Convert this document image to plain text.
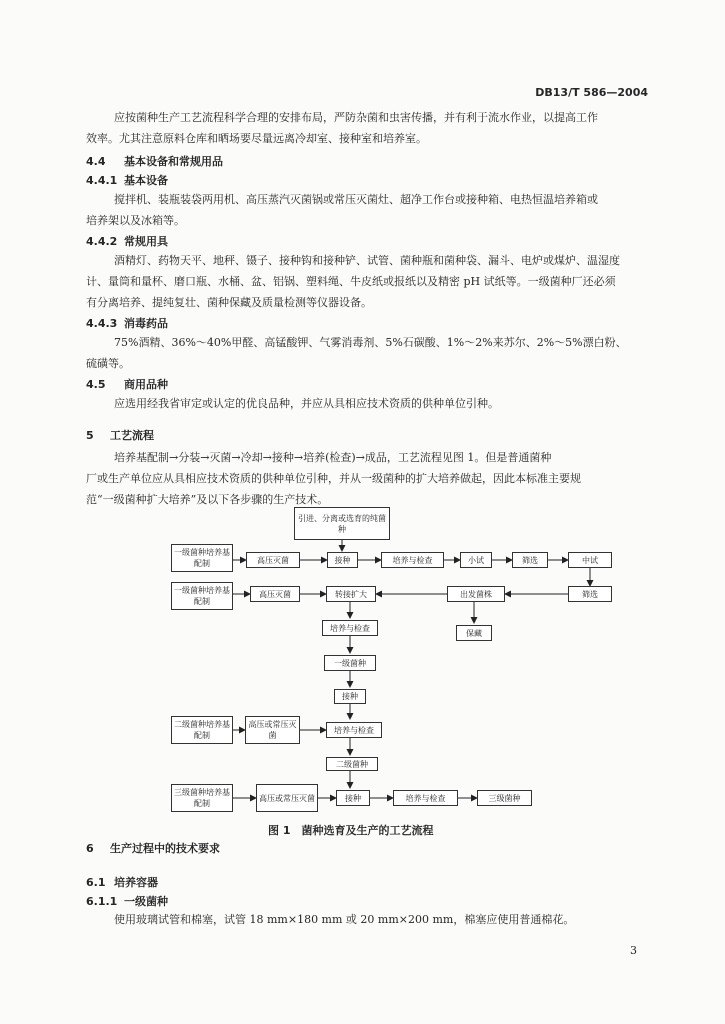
DB13/T 586—2004
应按菌种生产工艺流程科学合理的安排布局，严防杂菌和虫害传播，并有利于流水作业，以提高工作
效率。尤其注意原料仓库和晒场要尽量远离冷却室、接种室和培养室。
4.4 基本设备和常规用品
4.4.1 基本设备
搅拌机、装瓶装袋两用机、高压蒸汽灭菌锅或常压灭菌灶、超净工作台或接种箱、电热恒温培养箱或
培养架以及冰箱等。
4.4.2 常规用具
酒精灯、药物天平、地秤、镊子、接种钩和接种铲、试管、菌种瓶和菌种袋、漏斗、电炉或煤炉、温湿度
计、量筒和量杯、磨口瓶、水桶、盆、铝锅、塑料绳、牛皮纸或报纸以及精密 pH 试纸等。一级菌种厂还必须
有分离培养、提纯复壮、菌种保藏及质量检测等仪器设备。
4.4.3 消毒药品
75%酒精、36%～40%甲醛、高锰酸钾、气雾消毒剂、5%石碳酸、1%～2%来苏尔、2%～5%漂白粉、
硫磺等。
4.5 商用品种
应选用经我省审定或认定的优良品种，并应从具相应技术资质的供种单位引种。
5 工艺流程
培养基配制→分装→灭菌→冷却→接种→培养(检查)→成品，工艺流程见图 1。但是普通菌种
厂或生产单位应从具相应技术资质的供种单位引种，并从一级菌种的扩大培养做起，因此本标准主要规
范“一级菌种扩大培养”及以下各步骤的生产技术。
引进、分离或选育的纯菌种
一级菌种培养基配制	高压灭菌	接种	培养与检查	小试	筛选	中试
一级菌种培养基配制
高压灭菌	转接扩大	出发菌株	筛选
保藏
培养与检查
一级菌种
接种
二级菌种培养基配制
高压或常压灭菌
培养与检查
二级菌种
三级菌种培养基配制
高压或常压灭菌	接种	培养与检查	三级菌种
图 1　菌种选育及生产的工艺流程
6 生产过程中的技术要求
6.1 培养容器
6.1.1 一级菌种
使用玻璃试管和棉塞，试管 18 mm×180 mm 或 20 mm×200 mm，棉塞应使用普通棉花。
3
